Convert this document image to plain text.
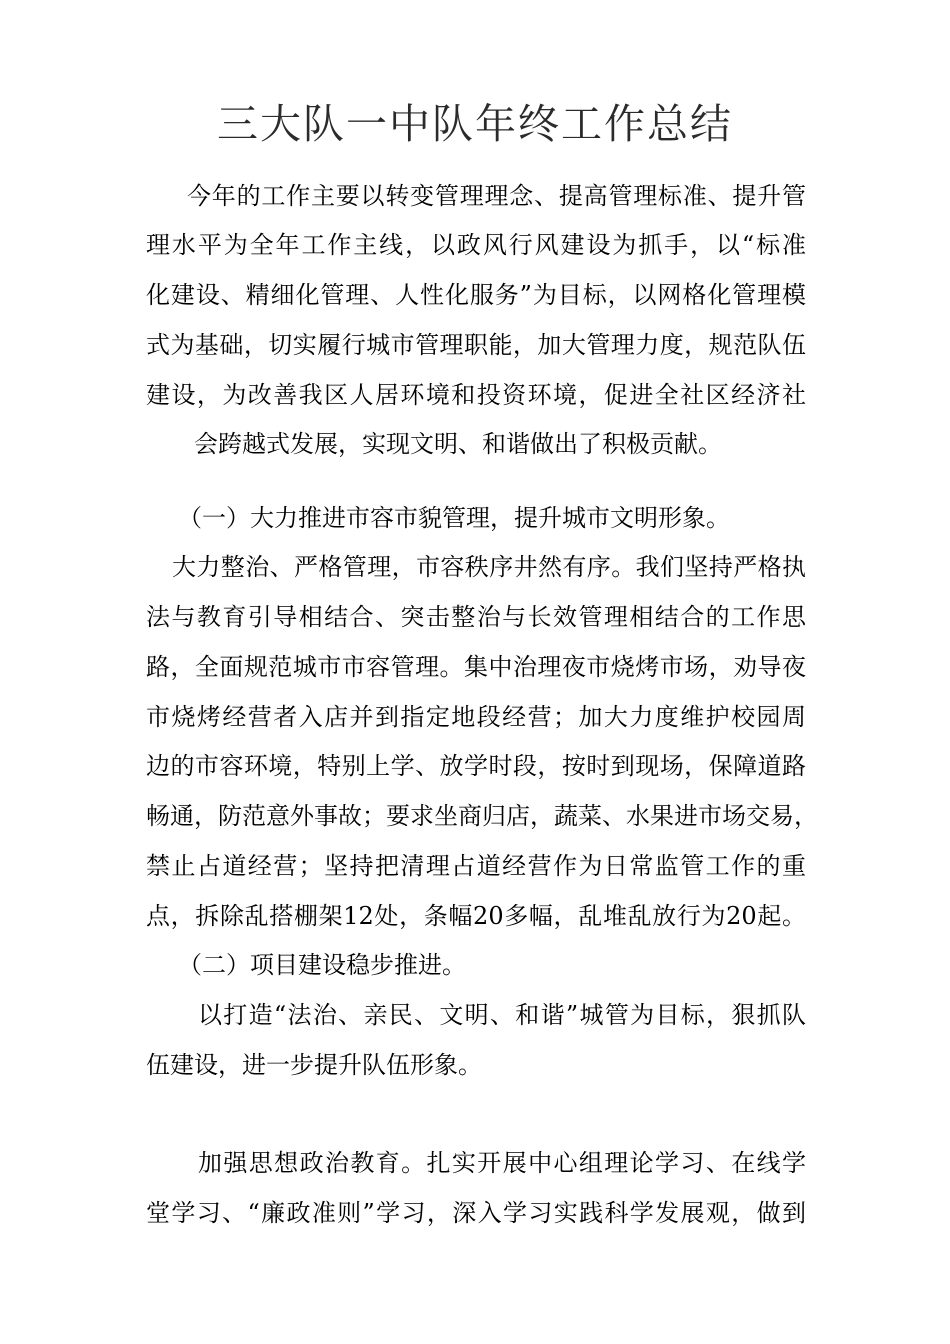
三大队一中队年终工作总结
今年的工作主要以转变管理理念、提高管理标准、提升管
理水平为全年工作主线，以政风行风建设为抓手，以“标准
化建设、精细化管理、人性化服务”为目标，以网格化管理模
式为基础，切实履行城市管理职能，加大管理力度，规范队伍
建设，为改善我区人居环境和投资环境，促进全社区经济社
会跨越式发展，实现文明、和谐做出了积极贡献。
（一）大力推进市容市貌管理，提升城市文明形象。
大力整治、严格管理，市容秩序井然有序。我们坚持严格执
法与教育引导相结合、突击整治与长效管理相结合的工作思
路，全面规范城市市容管理。集中治理夜市烧烤市场，劝导夜
市烧烤经营者入店并到指定地段经营；加大力度维护校园周
边的市容环境，特别上学、放学时段，按时到现场，保障道路
畅通，防范意外事故；要求坐商归店，蔬菜、水果进市场交易，
禁止占道经营；坚持把清理占道经营作为日常监管工作的重
点，拆除乱搭棚架12处，条幅20多幅，乱堆乱放行为20起。
（二）项目建设稳步推进。
以打造“法治、亲民、文明、和谐”城管为目标，狠抓队
伍建设，进一步提升队伍形象。
加强思想政治教育。扎实开展中心组理论学习、在线学
堂学习、“廉政准则”学习，深入学习实践科学发展观，做到
